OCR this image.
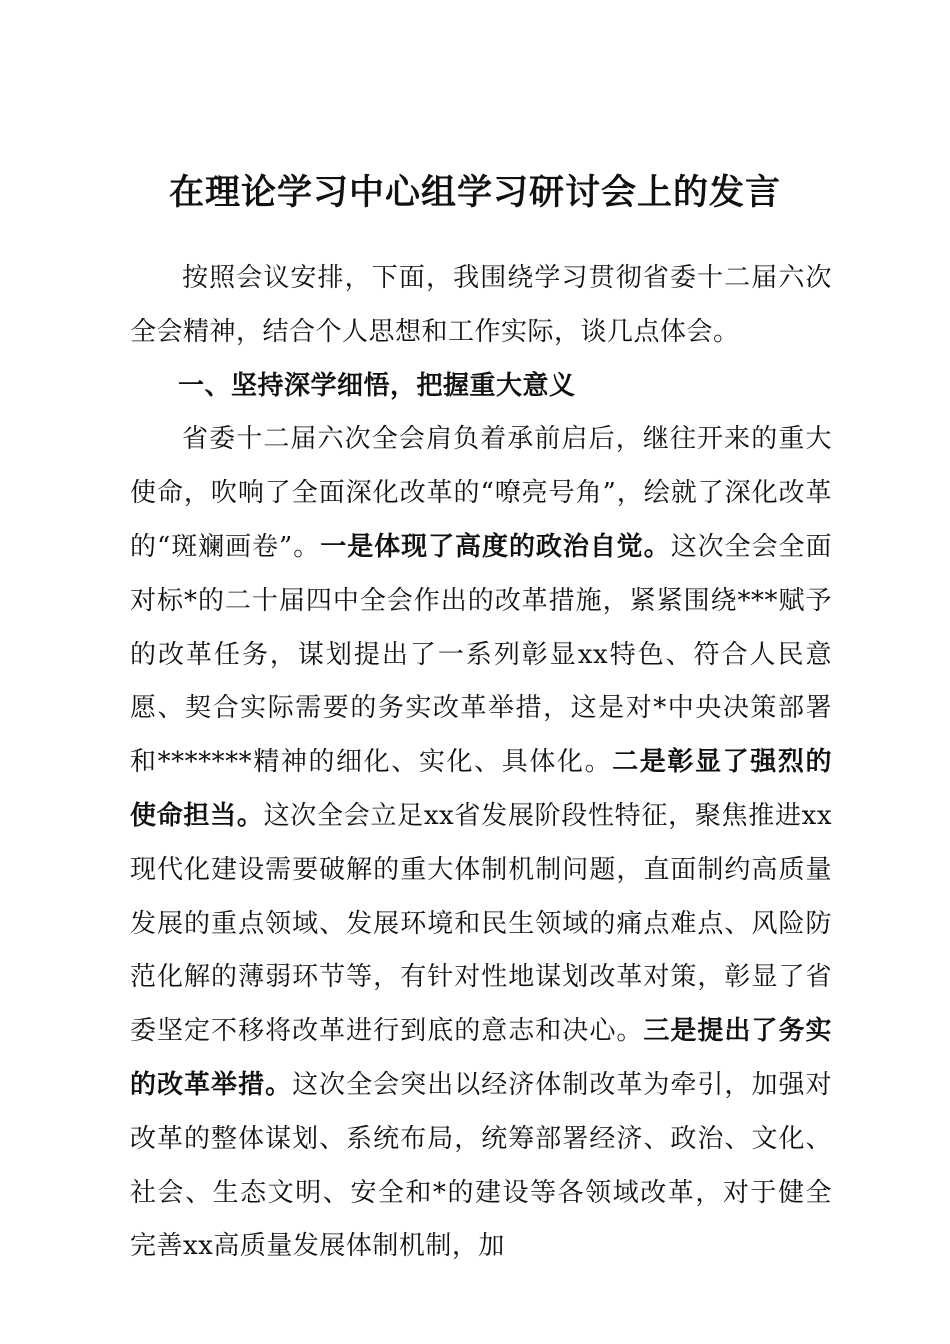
在理论学习中心组学习研讨会上的发言

按照会议安排，下面，我围绕学习贯彻省委十二届六次全会精神，结合个人思想和工作实际，谈几点体会。

一、坚持深学细悟，把握重大意义

省委十二届六次全会肩负着承前启后，继往开来的重大使命，吹响了全面深化改革的“嘹亮号角”，绘就了深化改革的“斑斓画卷”。一是体现了高度的政治自觉。这次全会全面对标*的二十届四中全会作出的改革措施，紧紧围绕***赋予的改革任务，谋划提出了一系列彰显xx特色、符合人民意愿、契合实际需要的务实改革举措，这是对*中央决策部署和*******精神的细化、实化、具体化。二是彰显了强烈的使命担当。这次全会立足xx省发展阶段性特征，聚焦推进xx现代化建设需要破解的重大体制机制问题，直面制约高质量发展的重点领域、发展环境和民生领域的痛点难点、风险防范化解的薄弱环节等，有针对性地谋划改革对策，彰显了省委坚定不移将改革进行到底的意志和决心。三是提出了务实的改革举措。这次全会突出以经济体制改革为牵引，加强对改革的整体谋划、系统布局，统筹部署经济、政治、文化、社会、生态文明、安全和*的建设等各领域改革，对于健全完善xx高质量发展体制机制，加
